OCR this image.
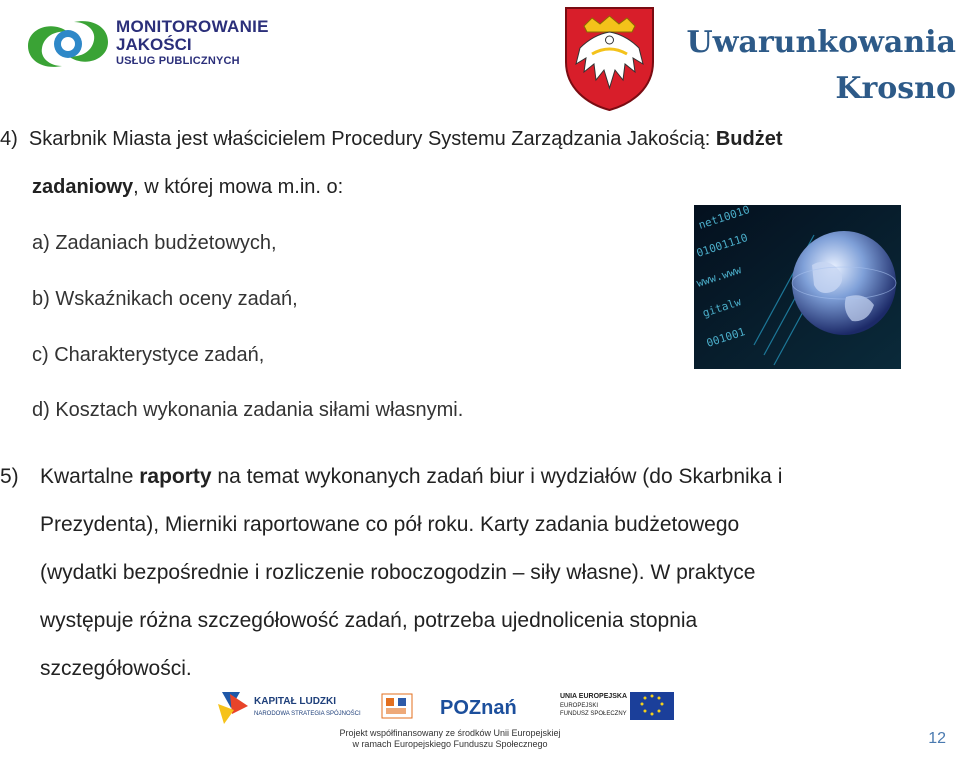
MONITOROWANIE
JAKOŚCI
USŁUG PUBLICZNYCH
Uwarunkowania
Krosno
4) Skarbnik Miasta jest właścicielem Procedury Systemu Zarządzania Jakością: Budżet
zadaniowy, w której mowa m.in. o:
a) Zadaniach budżetowych,
b) Wskaźnikach oceny zadań,
c) Charakterystyce zadań,
d) Kosztach wykonania zadania siłami własnymi.
net10010
01001110
www.www
gitalw
001001
5) Kwartalne raporty na temat wykonanych zadań biur i wydziałów (do Skarbnika i
Prezydenta), Mierniki raportowane co pół roku. Karty zadania budżetowego
(wydatki bezpośrednie i rozliczenie roboczogodzin – siły własne). W praktyce
występuje różna szczegółowość zadań, potrzeba ujednolicenia stopnia
szczegółowości.
KAPITAŁ LUDZKI
NARODOWA STRATEGIA SPÓJNOŚCI	POZnań
UNIA EUROPEJSKA
EUROPEJSKI
FUNDUSZ SPOŁECZNY
Projekt współfinansowany ze środków Unii Europejskiej
w ramach Europejskiego Funduszu Społecznego	12
